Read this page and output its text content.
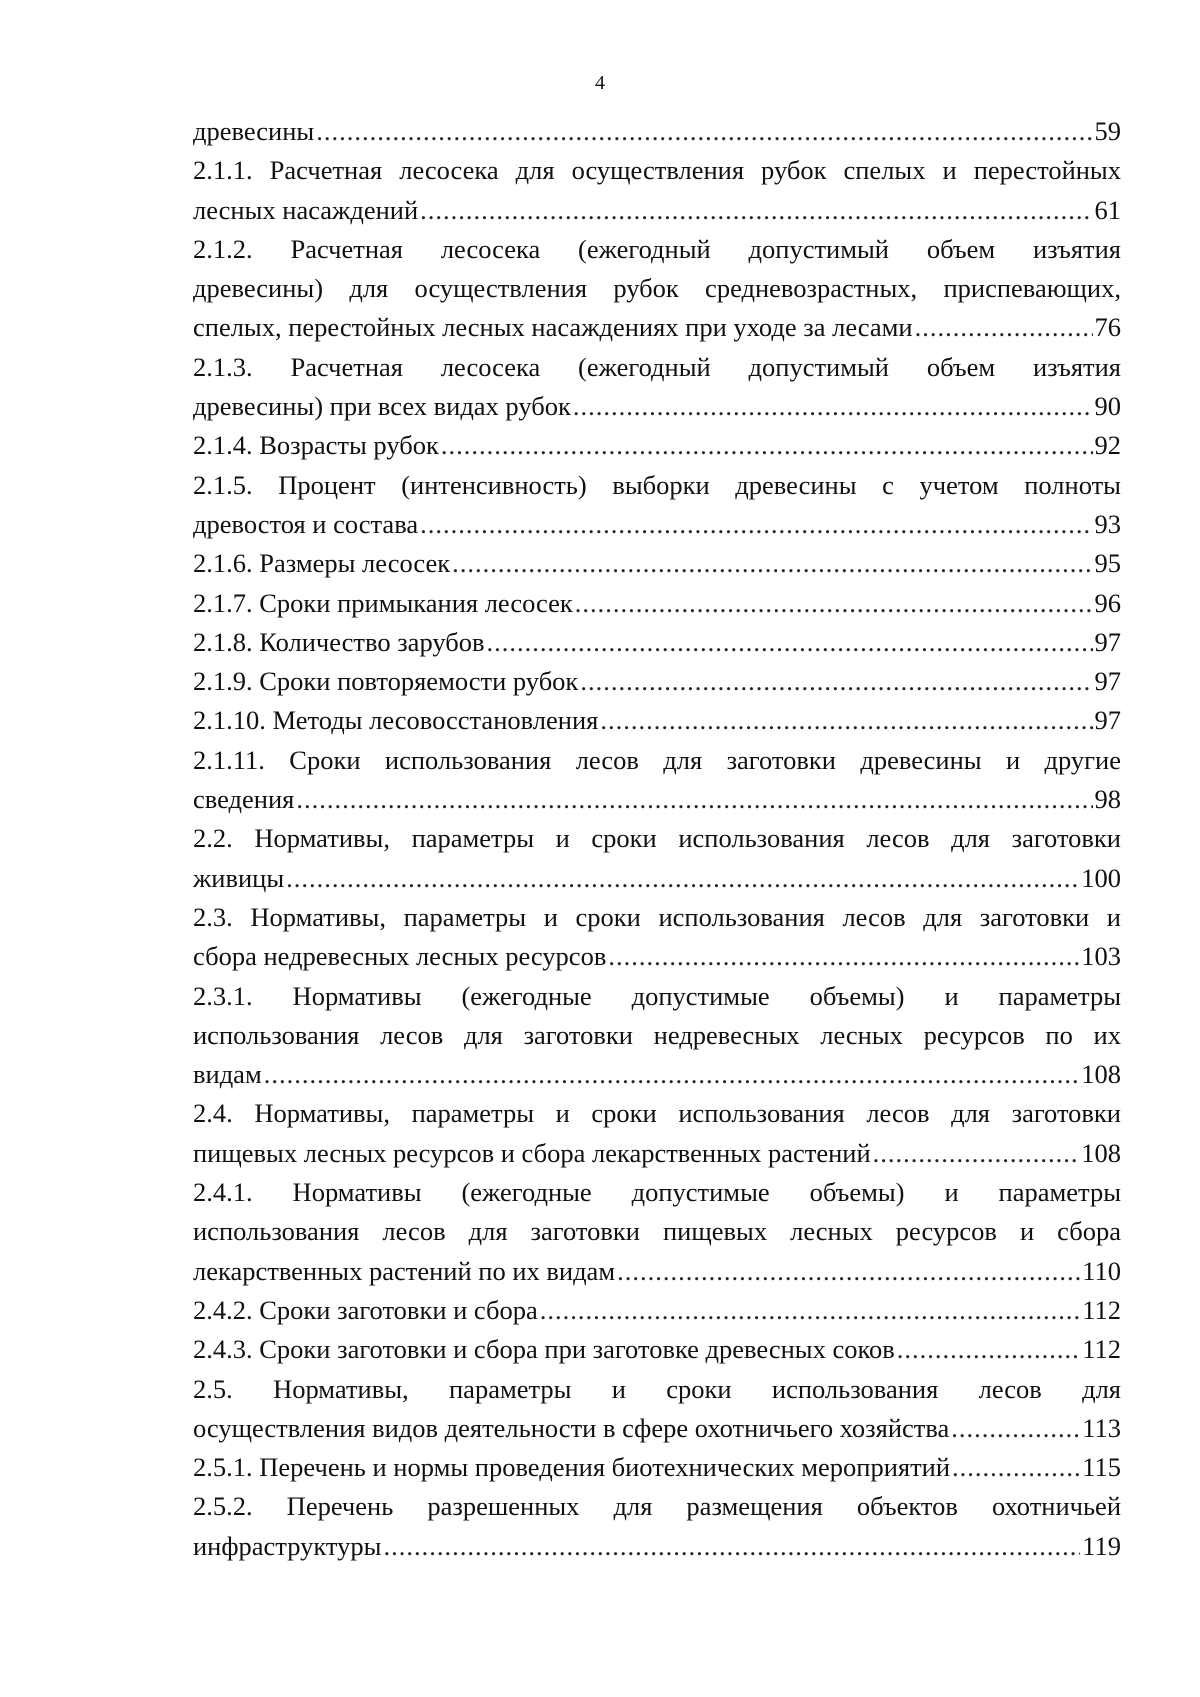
4
древесины .....	59
2.1.1. Расчетная лесосека для осуществления рубок спелых и перестойных
лесных насаждений .....	61
2.1.2. Расчетная лесосека (ежегодный допустимый объем изъятия
древесины) для осуществления рубок средневозрастных, приспевающих,
спелых, перестойных лесных насаждениях при уходе за лесами .....	76
2.1.3. Расчетная лесосека (ежегодный допустимый объем изъятия
древесины) при всех видах рубок .....	90
2.1.4. Возрасты рубок .....	92
2.1.5. Процент (интенсивность) выборки древесины с учетом полноты
древостоя и состава .....	93
2.1.6. Размеры лесосек .....	95
2.1.7. Сроки примыкания лесосек .....	96
2.1.8. Количество зарубов .....	97
2.1.9. Сроки повторяемости рубок .....	97
2.1.10. Методы лесовосстановления .....	97
2.1.11. Сроки использования лесов для заготовки древесины и другие
сведения .....	98
2.2. Нормативы, параметры и сроки использования лесов для заготовки
живицы .....	100
2.3. Нормативы, параметры и сроки использования лесов для заготовки и
сбора недревесных лесных ресурсов .....	103
2.3.1. Нормативы (ежегодные допустимые объемы) и параметры
использования лесов для заготовки недревесных лесных ресурсов по их
видам .....	108
2.4. Нормативы, параметры и сроки использования лесов для заготовки
пищевых лесных ресурсов и сбора лекарственных растений .....	108
2.4.1. Нормативы (ежегодные допустимые объемы) и параметры
использования лесов для заготовки пищевых лесных ресурсов и сбора
лекарственных растений по их видам .....	110
2.4.2. Сроки заготовки и сбора .....	112
2.4.3. Сроки заготовки и сбора при заготовке древесных соков .....	112
2.5. Нормативы, параметры и сроки использования лесов для
осуществления видов деятельности в сфере охотничьего хозяйства .....	113
2.5.1. Перечень и нормы проведения биотехнических мероприятий .....	115
2.5.2. Перечень разрешенных для размещения объектов охотничьей
инфраструктуры .....	119
